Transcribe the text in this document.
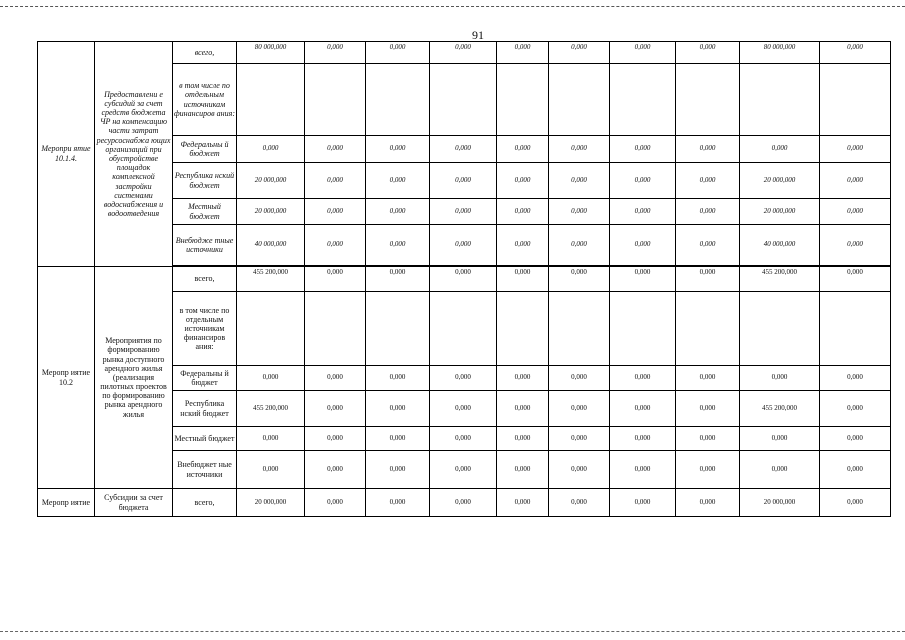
91
Меропри ятие 10.1.4.	Предоставлени е субсидий за счет средств бюджета ЧР на компенсацию части затрат ресурсоснабжа ющих организаций при обустройстве площадок комплексной застройки системами водоснабжения и водоотведения	всего,	80 000,000	0,000	0,000	0,000	0,000	0,000	0,000	0,000	80 000,000	0,000
		в том числе по отдельным источникам финансиров ания:										
		Федеральны й бюджет	0,000	0,000	0,000	0,000	0,000	0,000	0,000	0,000	0,000	0,000
		Республика нский бюджет	20 000,000	0,000	0,000	0,000	0,000	0,000	0,000	0,000	20 000,000	0,000
		Местный бюджет	20 000,000	0,000	0,000	0,000	0,000	0,000	0,000	0,000	20 000,000	0,000
		Внебюдже тные источники	40 000,000	0,000	0,000	0,000	0,000	0,000	0,000	0,000	40 000,000	0,000

Меропр иятие 10.2	Мероприятия по формированию рынка доступного арендного жилья (реализация пилотных проектов по формированию рынка арендного жилья	всего,	455 200,000	0,000	0,000	0,000	0,000	0,000	0,000	0,000	455 200,000	0,000
		в том числе по отдельным источникам финансиров ания:										
		Федеральны й бюджет	0,000	0,000	0,000	0,000	0,000	0,000	0,000	0,000	0,000	0,000
		Республика нский бюджет	455 200,000	0,000	0,000	0,000	0,000	0,000	0,000	0,000	455 200,000	0,000
		Местный бюджет	0,000	0,000	0,000	0,000	0,000	0,000	0,000	0,000	0,000	0,000
		Внебюджет ные источники	0,000	0,000	0,000	0,000	0,000	0,000	0,000	0,000	0,000	0,000
Меропр иятие	Субсидии за счет бюджета	всего,	20 000,000	0,000	0,000	0,000	0,000	0,000	0,000	0,000	20 000,000	0,000
